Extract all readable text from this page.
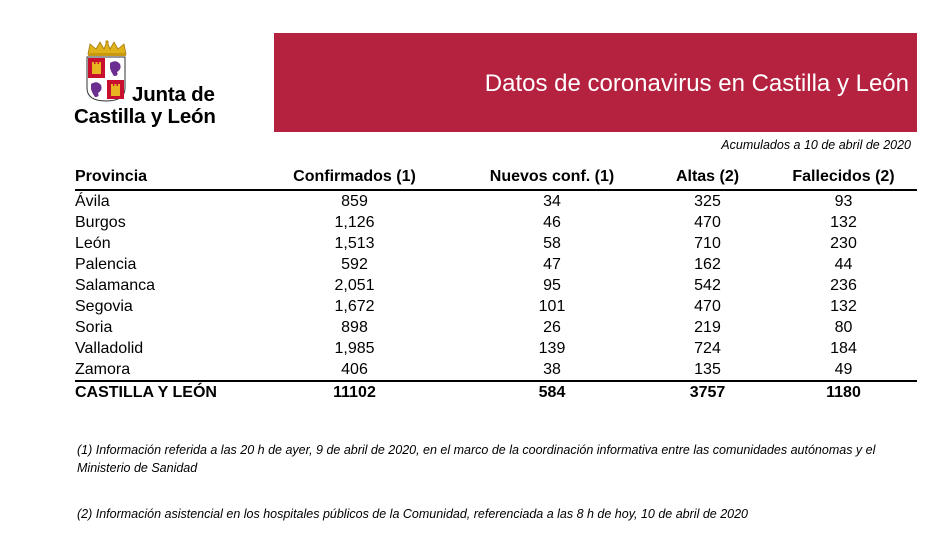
Junta de
Castilla y León
Datos de coronavirus en Castilla y León
Acumulados a 10 de abril de 2020
Provincia	Confirmados (1)	Nuevos conf. (1)	Altas (2)	Fallecidos (2)
Ávila	859	34	325	93
Burgos	1,126	46	470	132
León	1,513	58	710	230
Palencia	592	47	162	44
Salamanca	2,051	95	542	236
Segovia	1,672	101	470	132
Soria	898	26	219	80
Valladolid	1,985	139	724	184
Zamora	406	38	135	49
CASTILLA Y LEÓN	11102	584	3757	1180
(1) Información referida a las 20 h de ayer, 9 de abril de 2020, en el marco de la coordinación informativa entre las comunidades autónomas y el Ministerio de Sanidad
(2) Información asistencial en los hospitales públicos de la Comunidad, referenciada a las 8 h de hoy, 10 de abril de 2020
